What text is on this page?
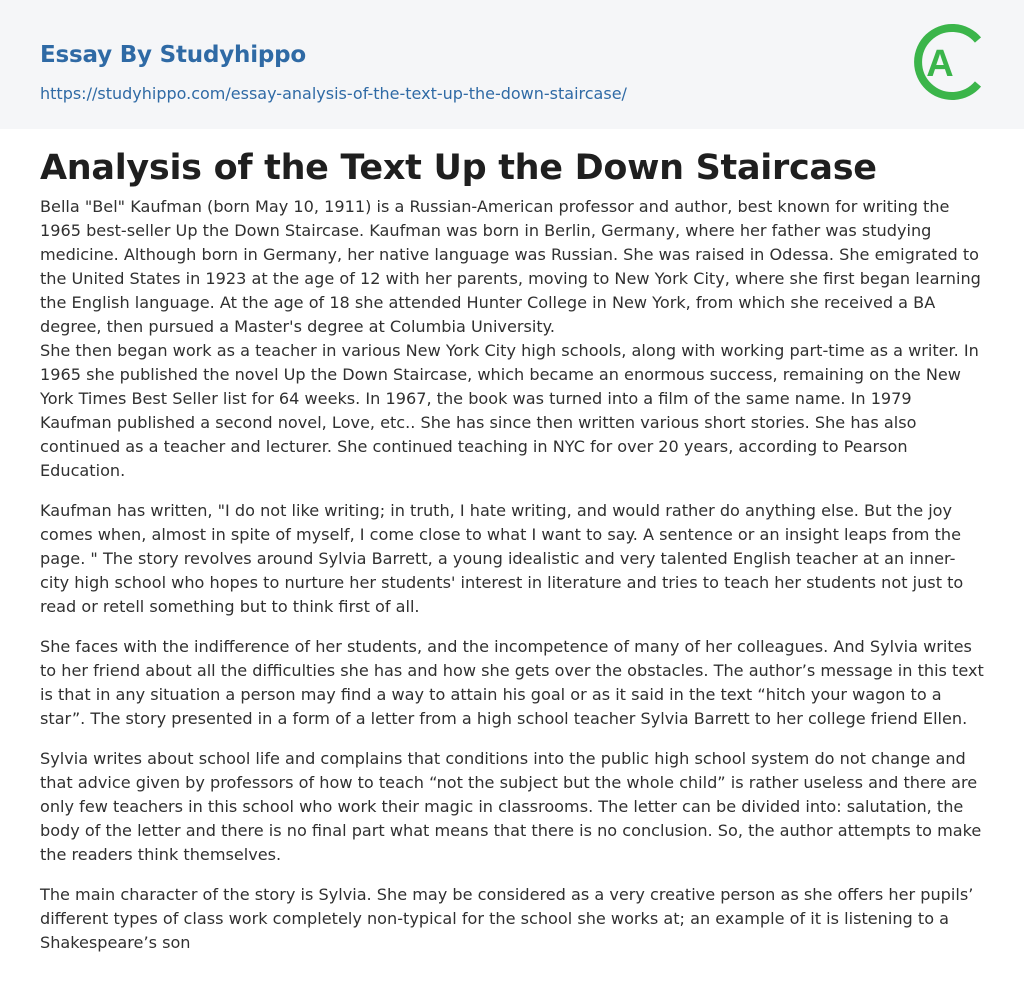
Essay By Studyhippo
https://studyhippo.com/essay-analysis-of-the-text-up-the-down-staircase/
A
Analysis of the Text Up the Down Staircase

Bella "Bel" Kaufman (born May 10, 1911) is a Russian-American professor and author, best known for writing the 1965 best-seller Up the Down Staircase. Kaufman was born in Berlin, Germany, where her father was studying medicine. Although born in Germany, her native language was Russian. She was raised in Odessa. She emigrated to the United States in 1923 at the age of 12 with her parents, moving to New York City, where she first began learning the English language. At the age of 18 she attended Hunter College in New York, from which she received a BA degree, then pursued a Master's degree at Columbia University.

She then began work as a teacher in various New York City high schools, along with working part-time as a writer. In 1965 she published the novel Up the Down Staircase, which became an enormous success, remaining on the New York Times Best Seller list for 64 weeks. In 1967, the book was turned into a film of the same name. In 1979 Kaufman published a second novel, Love, etc.. She has since then written various short stories. She has also continued as a teacher and lecturer. She continued teaching in NYC for over 20 years, according to Pearson Education.

Kaufman has written, "I do not like writing; in truth, I hate writing, and would rather do anything else. But the joy comes when, almost in spite of myself, I come close to what I want to say. A sentence or an insight leaps from the page. " The story revolves around Sylvia Barrett, a young idealistic and very talented English teacher at an inner-city high school who hopes to nurture her students' interest in literature and tries to teach her students not just to read or retell something but to think first of all.

She faces with the indifference of her students, and the incompetence of many of her colleagues. And Sylvia writes to her friend about all the difficulties she has and how she gets over the obstacles. The author’s message in this text is that in any situation a person may find a way to attain his goal or as it said in the text “hitch your wagon to a star”. The story presented in a form of a letter from a high school teacher Sylvia Barrett to her college friend Ellen.

Sylvia writes about school life and complains that conditions into the public high school system do not change and that advice given by professors of how to teach “not the subject but the whole child” is rather useless and there are only few teachers in this school who work their magic in classrooms. The letter can be divided into: salutation, the body of the letter and there is no final part what means that there is no conclusion. So, the author attempts to make the readers think themselves.

The main character of the story is Sylvia. She may be considered as a very creative person as she offers her pupils’ different types of class work completely non-typical for the school she works at; an example of it is listening to a Shakespeare’s son
